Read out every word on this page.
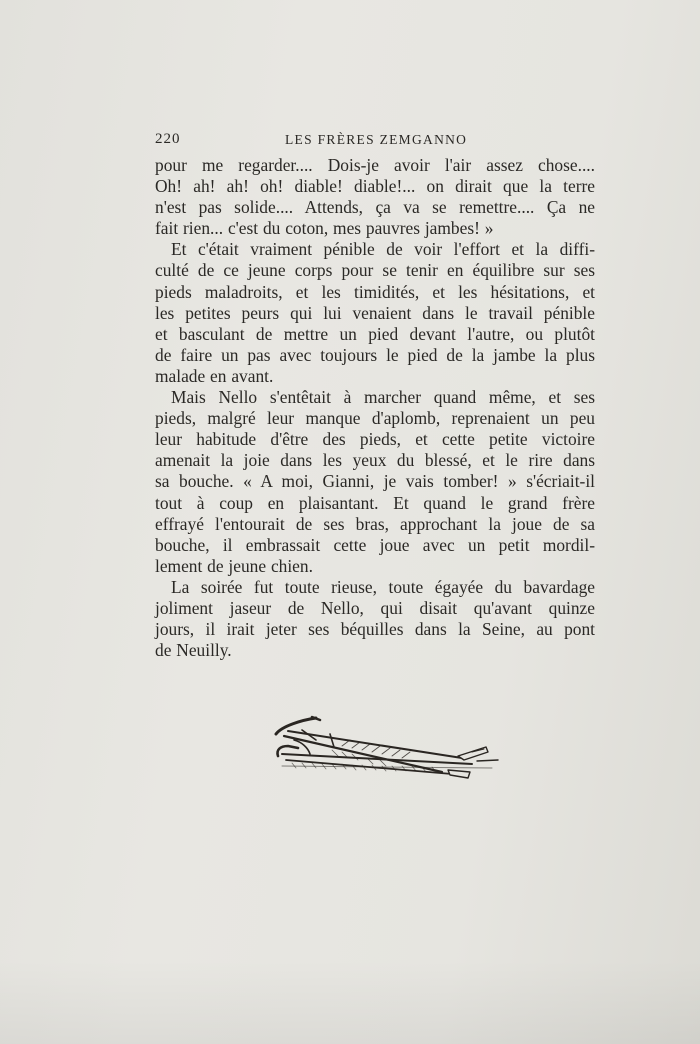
220	LES FRÈRES ZEMGANNO
pour me regarder.... Dois-je avoir l'air assez chose....
Oh! ah! ah! oh! diable! diable!... on dirait que la terre
n'est pas solide.... Attends, ça va se remettre.... Ça ne
fait rien... c'est du coton, mes pauvres jambes! »
Et c'était vraiment pénible de voir l'effort et la diffi-
culté de ce jeune corps pour se tenir en équilibre sur ses
pieds maladroits, et les timidités, et les hésitations, et
les petites peurs qui lui venaient dans le travail pénible
et basculant de mettre un pied devant l'autre, ou plutôt
de faire un pas avec toujours le pied de la jambe la plus
malade en avant.
Mais Nello s'entêtait à marcher quand même, et ses
pieds, malgré leur manque d'aplomb, reprenaient un peu
leur habitude d'être des pieds, et cette petite victoire
amenait la joie dans les yeux du blessé, et le rire dans
sa bouche. « A moi, Gianni, je vais tomber! » s'écriait-il
tout à coup en plaisantant. Et quand le grand frère
effrayé l'entourait de ses bras, approchant la joue de sa
bouche, il embrassait cette joue avec un petit mordil-
lement de jeune chien.
La soirée fut toute rieuse, toute égayée du bavardage
joliment jaseur de Nello, qui disait qu'avant quinze
jours, il irait jeter ses béquilles dans la Seine, au pont
de Neuilly.
